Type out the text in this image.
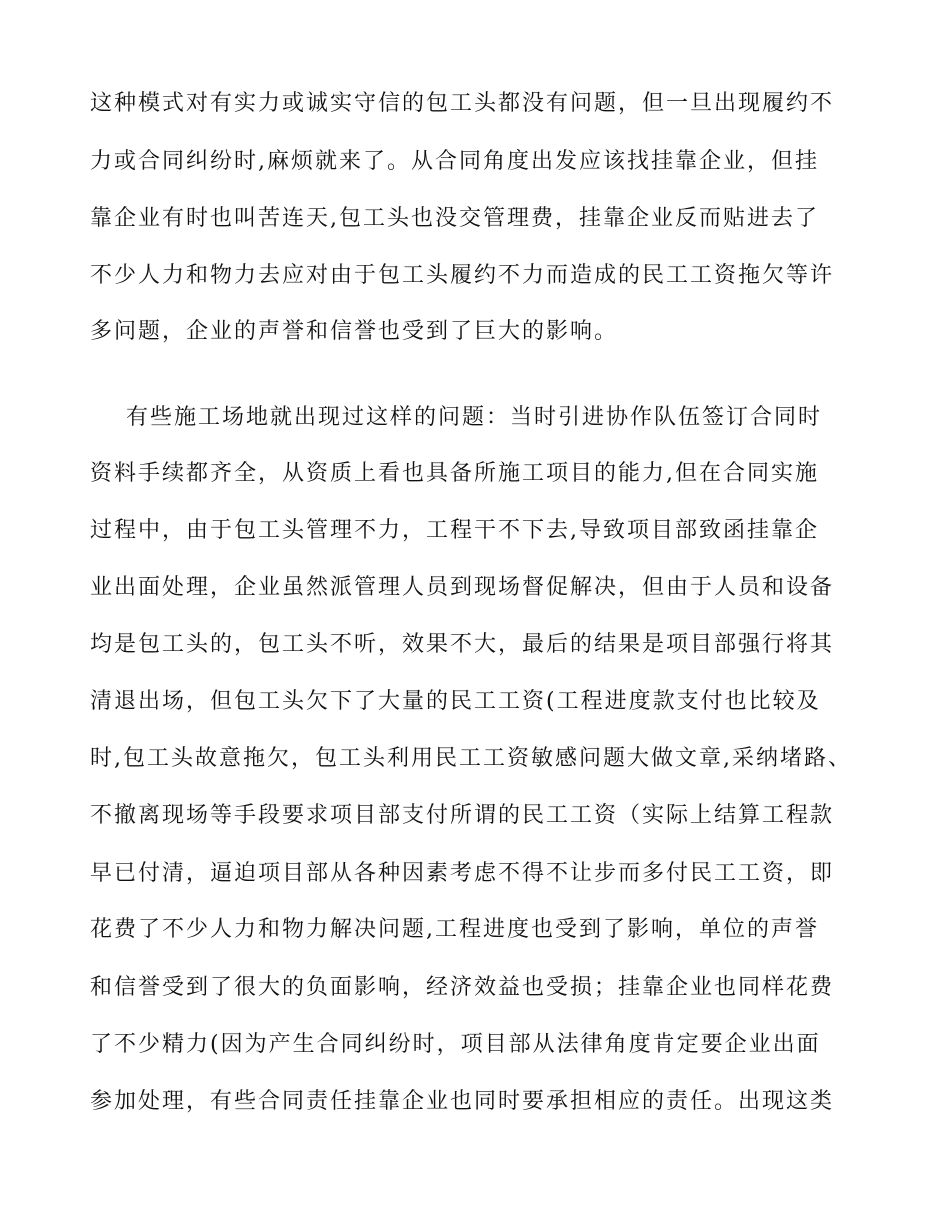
这种模式对有实力或诚实守信的包工头都没有问题，但一旦出现履约不
力或合同纠纷时,麻烦就来了。从合同角度出发应该找挂靠企业，但挂
靠企业有时也叫苦连天,包工头也没交管理费，挂靠企业反而贴进去了
不少人力和物力去应对由于包工头履约不力而造成的民工工资拖欠等许
多问题，企业的声誉和信誉也受到了巨大的影响。
有些施工场地就出现过这样的问题：当时引进协作队伍签订合同时
资料手续都齐全，从资质上看也具备所施工项目的能力,但在合同实施
过程中，由于包工头管理不力，工程干不下去,导致项目部致函挂靠企
业出面处理，企业虽然派管理人员到现场督促解决，但由于人员和设备
均是包工头的，包工头不听，效果不大，最后的结果是项目部强行将其
清退出场，但包工头欠下了大量的民工工资(工程进度款支付也比较及
时,包工头故意拖欠，包工头利用民工工资敏感问题大做文章,采纳堵路、
不撤离现场等手段要求项目部支付所谓的民工工资（实际上结算工程款
早已付清，逼迫项目部从各种因素考虑不得不让步而多付民工工资，即
花费了不少人力和物力解决问题,工程进度也受到了影响，单位的声誉
和信誉受到了很大的负面影响，经济效益也受损；挂靠企业也同样花费
了不少精力(因为产生合同纠纷时，项目部从法律角度肯定要企业出面
参加处理，有些合同责任挂靠企业也同时要承担相应的责任。出现这类
